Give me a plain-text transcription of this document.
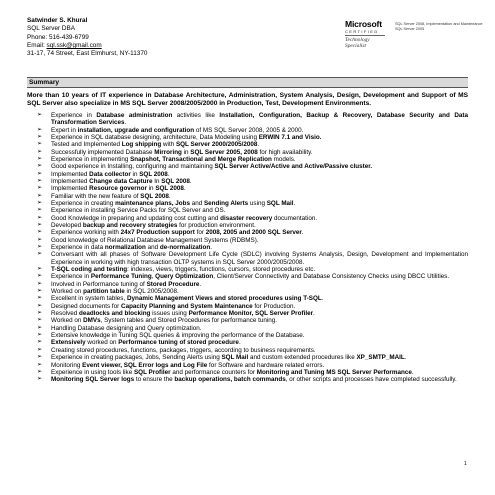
Satwinder S. Khural
SQL Server DBA
Phone: 516-439-6799
Email: sql.ssk@gmail.com
31-17, 74 Street, East Elmhurst, NY-11370
Microsoft
CERTIFIED
Technology
Specialist
SQL Server 2008, Implementation and Maintenance
SQL Server 2005
Summary
More than 10 years of IT experience in Database Architecture, Administration, System Analysis, Design, Development and Support of MS SQL Server also specialize in MS SQL Server 2008/2005/2000 in Production, Test, Development Environments.
➢ Experience in Database administration activities like Installation, Configuration, Backup & Recovery, Database Security and Data Transformation Services.
➢ Expert in installation, upgrade and configuration of MS SQL Server 2008, 2005 & 2000.
➢ Experience in SQL database designing, architecture, Data Modeling using ERWIN 7.1 and Visio.
➢ Tested and Implemented Log shipping with SQL Server 2000/2005/2008.
➢ Successfully implemented Database Mirroring in SQL Server 2005, 2008 for high availability.
➢ Experience in implementing Snapshot, Transactional and Merge Replication models.
➢ Good experience in Installing, configuring and maintaining SQL Server Active/Active and Active/Passive cluster.
➢ Implemented Data collector in SQL 2008.
➢ Implemented Change data Capture In SQL 2008.
➢ Implemented Resource governor in SQL 2008.
➢ Familiar with the new feature of SQL 2008.
➢ Experience in creating maintenance plans, Jobs and Sending Alerts using SQL Mail.
➢ Experience in installing Service Packs for SQL Server and OS.
➢ Good Knowledge in preparing and updating cost cutting and disaster recovery documentation.
➢ Developed backup and recovery strategies for production environment.
➢ Experience working with 24x7 Production support for 2008, 2005 and 2000 SQL Server.
➢ Good knowledge of Relational Database Management Systems (RDBMS).
➢ Experience in data normalization and de-normalization.
➢ Conversant with all phases of Software Development Life Cycle (SDLC) involving Systems Analysis, Design, Development and Implementation Experience in working with high transaction OLTP systems in SQL Server 2000/2005/2008.
➢ T-SQL coding and testing: indexes, views, triggers, functions, cursors, stored procedures etc.
➢ Experience in Performance Tuning, Query Optimization, Client/Server Connectivity and Database Consistency Checks using DBCC Utilities.
➢ Involved in Performance tuning of Stored Procedure.
➢ Worked on partition table in SQL 2005/2008.
➢ Excellent in system tables, Dynamic Management Views and stored procedures using T-SQL.
➢ Designed documents for Capacity Planning and System Maintenance for Production.
➢ Resolved deadlocks and blocking issues using Performance Monitor, SQL Server Profiler.
➢ Worked on DMVs, System tables and Stored Procedures for performance tuning.
➢ Handling Database designing and Query optimization.
➢ Extensive knowledge in Tuning SQL queries & improving the performance of the Database.
➢ Extensively worked on Performance tuning of stored procedure.
➢ Creating stored procedures, functions, packages, triggers, according to business requirements.
➢ Experience in creating packages, Jobs, Sending Alerts using SQL Mail and custom extended procedures like XP_SMTP_MAIL.
➢ Monitoring Event viewer, SQL Error logs and Log File for Software and hardware related errors.
➢ Experience in using tools like SQL Profiler and performance counters for Monitoring and Tuning MS SQL Server Performance.
➢ Monitoring SQL Server logs to ensure the backup operations, batch commands, or other scripts and processes have completed successfully.
1
